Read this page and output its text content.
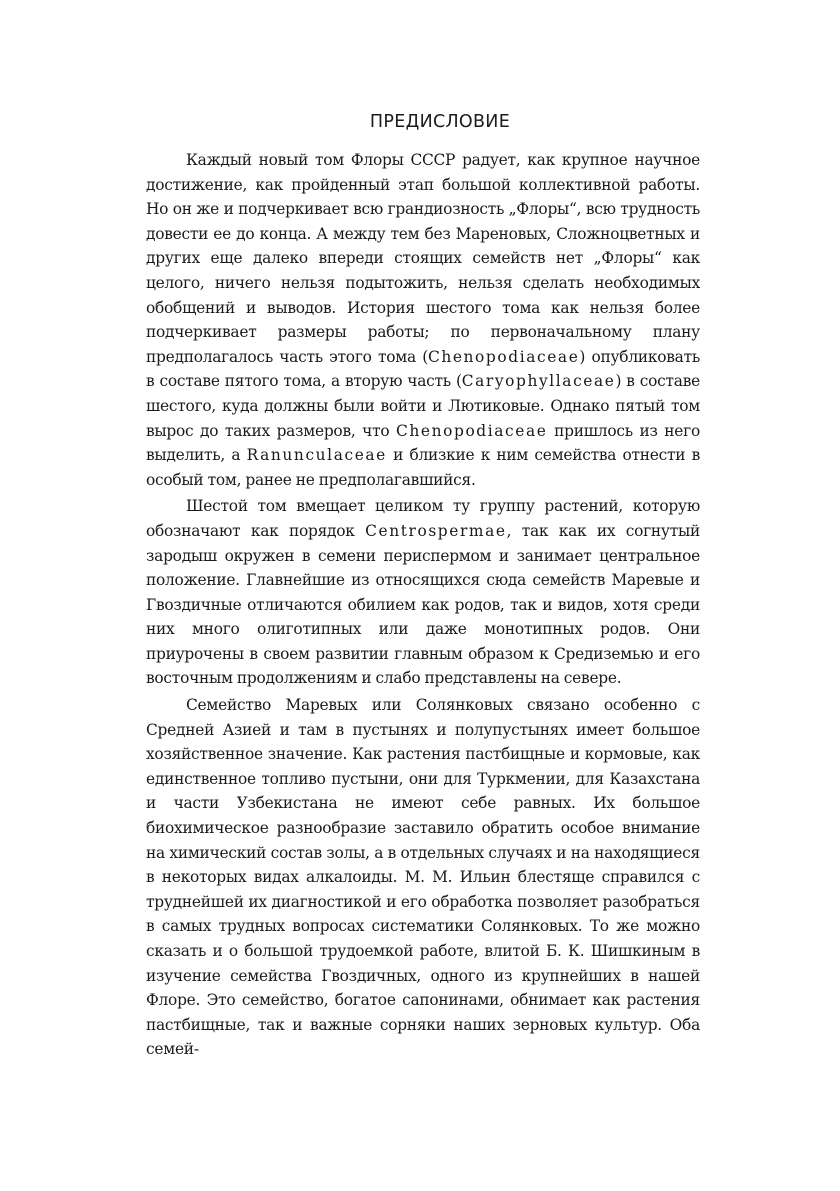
ПРЕДИСЛОВИЕ

Каждый новый том Флоры СССР радует, как крупное научное достижение, как пройденный этап большой коллективной работы. Но он же и подчеркивает всю грандиозность „Флоры“, всю трудность довести ее до конца. А между тем без Мареновых, Сложноцветных и других еще далеко впереди стоящих семейств нет „Флоры“ как целого, ничего нельзя подытожить, нельзя сделать необходимых обобщений и выводов. История шестого тома как нельзя более подчеркивает размеры работы; по первоначальному плану предполагалось часть этого тома (Chenopodiaceae) опубликовать в составе пятого тома, а вторую часть (Caryophyllaceae) в составе шестого, куда должны были войти и Лютиковые. Однако пятый том вырос до таких размеров, что Chenopodiaceae пришлось из него выделить, а Ranunculaceae и близкие к ним семейства отнести в особый том, ранее не предполагавшийся.

Шестой том вмещает целиком ту группу растений, которую обозначают как порядок Centrospermae, так как их согнутый зародыш окружен в семени периспермом и занимает центральное положение. Главнейшие из относящихся сюда семейств Маревые и Гвоздичные отличаются обилием как родов, так и видов, хотя среди них много олиготипных или даже монотипных родов. Они приурочены в своем развитии главным образом к Средиземью и его восточным продолжениям и слабо представлены на севере.

Семейство Маревых или Солянковых связано особенно с Средней Азией и там в пустынях и полупустынях имеет большое хозяйственное значение. Как растения пастбищные и кормовые, как единственное топливо пустыни, они для Туркмении, для Казахстана и части Узбекистана не имеют себе равных. Их большое биохимическое разнообразие заставило обратить особое внимание на химический состав золы, а в отдельных случаях и на находящиеся в некоторых видах алкалоиды. М. М. Ильин блестяще справился с труднейшей их диагностикой и его обработка позволяет разобраться в самых трудных вопросах систематики Солянковых. То же можно сказать и о большой трудоемкой работе, влитой Б. К. Шишкиным в изучение семейства Гвоздичных, одного из крупнейших в нашей Флоре. Это семейство, богатое сапонинами, обнимает как растения пастбищные, так и важные сорняки наших зерновых культур. Оба семей-
